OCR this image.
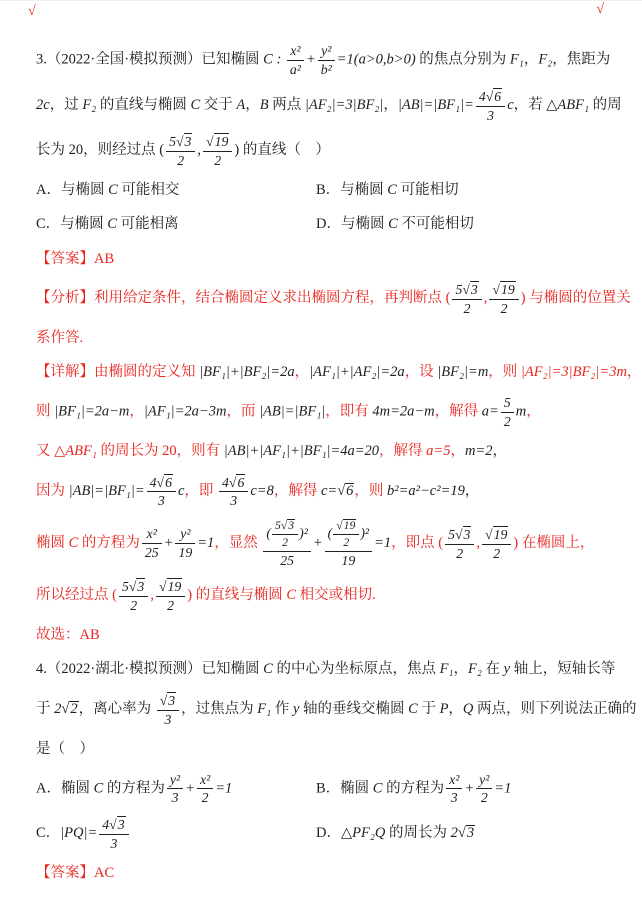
√	√
3.（2022·全国·模拟预测）已知椭圆 C : $\frac{\text{x²}}{\text{a²}} + \frac{\text{y²}}{\text{b²}} =1(a>0,b>0)$ 的焦点分别为 F₁，F₂，焦距为
2c，过 F₂ 的直线与椭圆 C 交于 A，B 两点 |AF₂|=3|BF₂|，$|AB|=|BF_1|= \frac{4√6}{3}$ c，若 △ABF₁ 的周
长为 20，则经过点 ( $\frac{5√3}{2}$ , $\frac{√19}{2}$ ) 的直线（　）
A．与椭圆 C 可能相交	B．与椭圆 C 可能相切
C．与椭圆 C 可能相离	D．与椭圆 C 不可能相切
【答案】AB
【分析】利用给定条件，结合椭圆定义求出椭圆方程，再判断点 ( $\frac{5√3}{2}$ , $\frac{√19}{2}$ ) 与椭圆的位置关
系作答.
【详解】由椭圆的定义知 |BF₁|+|BF₂|=2a，|AF₁|+|AF₂|=2a，设 |BF₂|=m，则 |AF₂|=3|BF₂|=3m，
则 |BF₁|=2a−m，|AF₁|=2a−3m，而 |AB|=|BF₁|，即有 4m=2a−m，解得 $a= \frac{5}{2}$ m，
又 △ABF₁ 的周长为 20，则有 |AB|+|AF₁|+|BF₁|=4a=20，解得 a=5，m=2，
因为 $|AB|=|BF_1|= \frac{4√6}{3}$ c，即 $\frac{4√6}{3} c=8$，解得 c=√6，则 b²=a²−c²=19，
椭圆 C 的方程为 $\frac{\text{x²}}{25} + \frac{\text{y²}}{19} =1$，显然 $\frac{( \frac{5√3}{2} )^2}{25} + \frac{( \frac{√19}{2} )^2}{19} =1$，即点 ( $\frac{5√3}{2}$ , $\frac{√19}{2}$ ) 在椭圆上，
所以经过点 ( $\frac{5√3}{2}$ , $\frac{√19}{2}$ ) 的直线与椭圆 C 相交或相切.
故选：AB
4.（2022·湖北·模拟预测）已知椭圆 C 的中心为坐标原点，焦点 F₁，F₂ 在 y 轴上，短轴长等
于 2√2，离心率为 $\frac{√3}{3}$ ，过焦点为 F₁ 作 y 轴的垂线交椭圆 C 于 P，Q 两点，则下列说法正确的
是（　）
A．椭圆 C 的方程为 $\frac{\text{y²}}{3} + \frac{\text{x²}}{2} =1$	B．椭圆 C 的方程为 $\frac{\text{x²}}{3} + \frac{\text{y²}}{2} =1$
C．$|PQ|= \frac{4√3}{3}$	D．△PF₂Q 的周长为 2√3
【答案】AC
